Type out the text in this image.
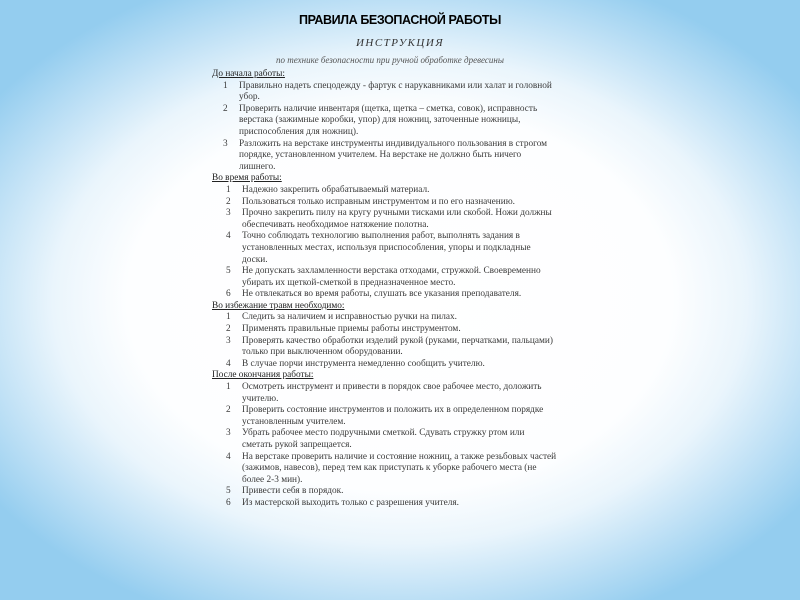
ПРАВИЛА БЕЗОПАСНОЙ РАБОТЫ
ИНСТРУКЦИЯ
по технике безопасности при ручной обработке древесины
До начала работы:
1 Правильно надеть спецодежду - фартук с нарукавниками или халат и головной убор.
2 Проверить наличие инвентаря (щетка, щетка – сметка, совок), исправность верстака (зажимные коробки, упор) для ножниц, заточенные ножницы, приспособления для ножниц).
3 Разложить на верстаке инструменты индивидуального пользования в строгом порядке, установленном учителем. На верстаке не должно быть ничего лишнего.
Во время работы:
1 Надежно закрепить обрабатываемый материал.
2 Пользоваться только исправным инструментом и по его назначению.
3 Прочно закрепить пилу на кругу ручными тисками или скобой. Ножи должны обеспечивать необходимое натяжение полотна.
4 Точно соблюдать технологию выполнения работ, выполнять задания в установленных местах, используя приспособления, упоры и подкладные доски.
5 Не допускать захламленности верстака отходами, стружкой. Своевременно убирать их щеткой-сметкой в предназначенное место.
6 Не отвлекаться во время работы, слушать все указания преподавателя.
Во избежание травм необходимо:
1 Следить за наличием и исправностью ручки на пилах.
2 Применять правильные приемы работы инструментом.
3 Проверять качество обработки изделий рукой (руками, перчатками, пальцами) только при выключенном оборудовании.
4 В случае порчи инструмента немедленно сообщить учителю.
После окончания работы:
1 Осмотреть инструмент и привести в порядок свое рабочее место, доложить учителю.
2 Проверить состояние инструментов и положить их в определенном порядке установленным учителем.
3 Убрать рабочее место подручными сметкой. Сдувать стружку ртом или сметать рукой запрещается.
4 На верстаке проверить наличие и состояние ножниц, а также резьбовых частей (зажимов, навесов), перед тем как приступать к уборке рабочего места (не более 2-3 мин).
5 Привести себя в порядок.
6 Из мастерской выходить только с разрешения учителя.
